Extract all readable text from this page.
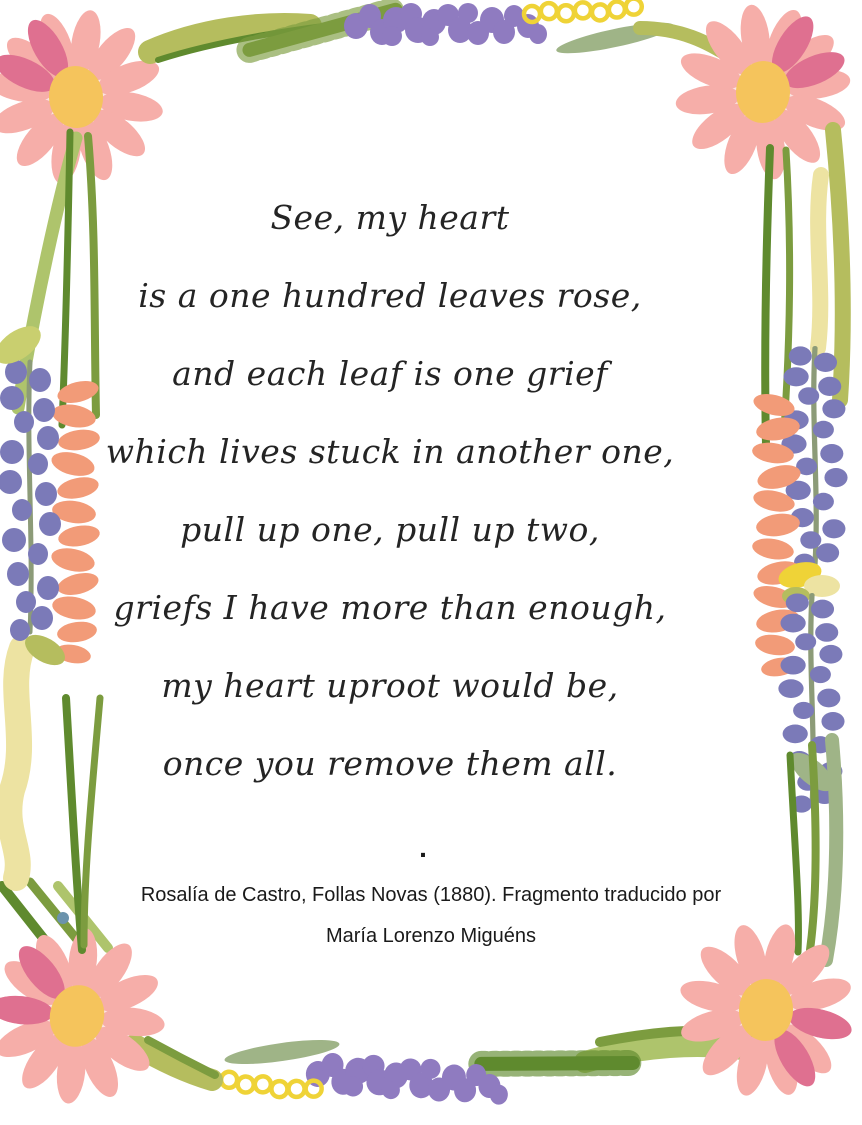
See, my heart
is a one hundred leaves rose,
and each leaf is one grief
which lives stuck in another one,
pull up one, pull up two,
griefs I have more than enough,
my heart uproot would be,
once you remove them all.
.
Rosalía de Castro, Follas Novas (1880). Fragmento traducido por
María Lorenzo Miguéns
